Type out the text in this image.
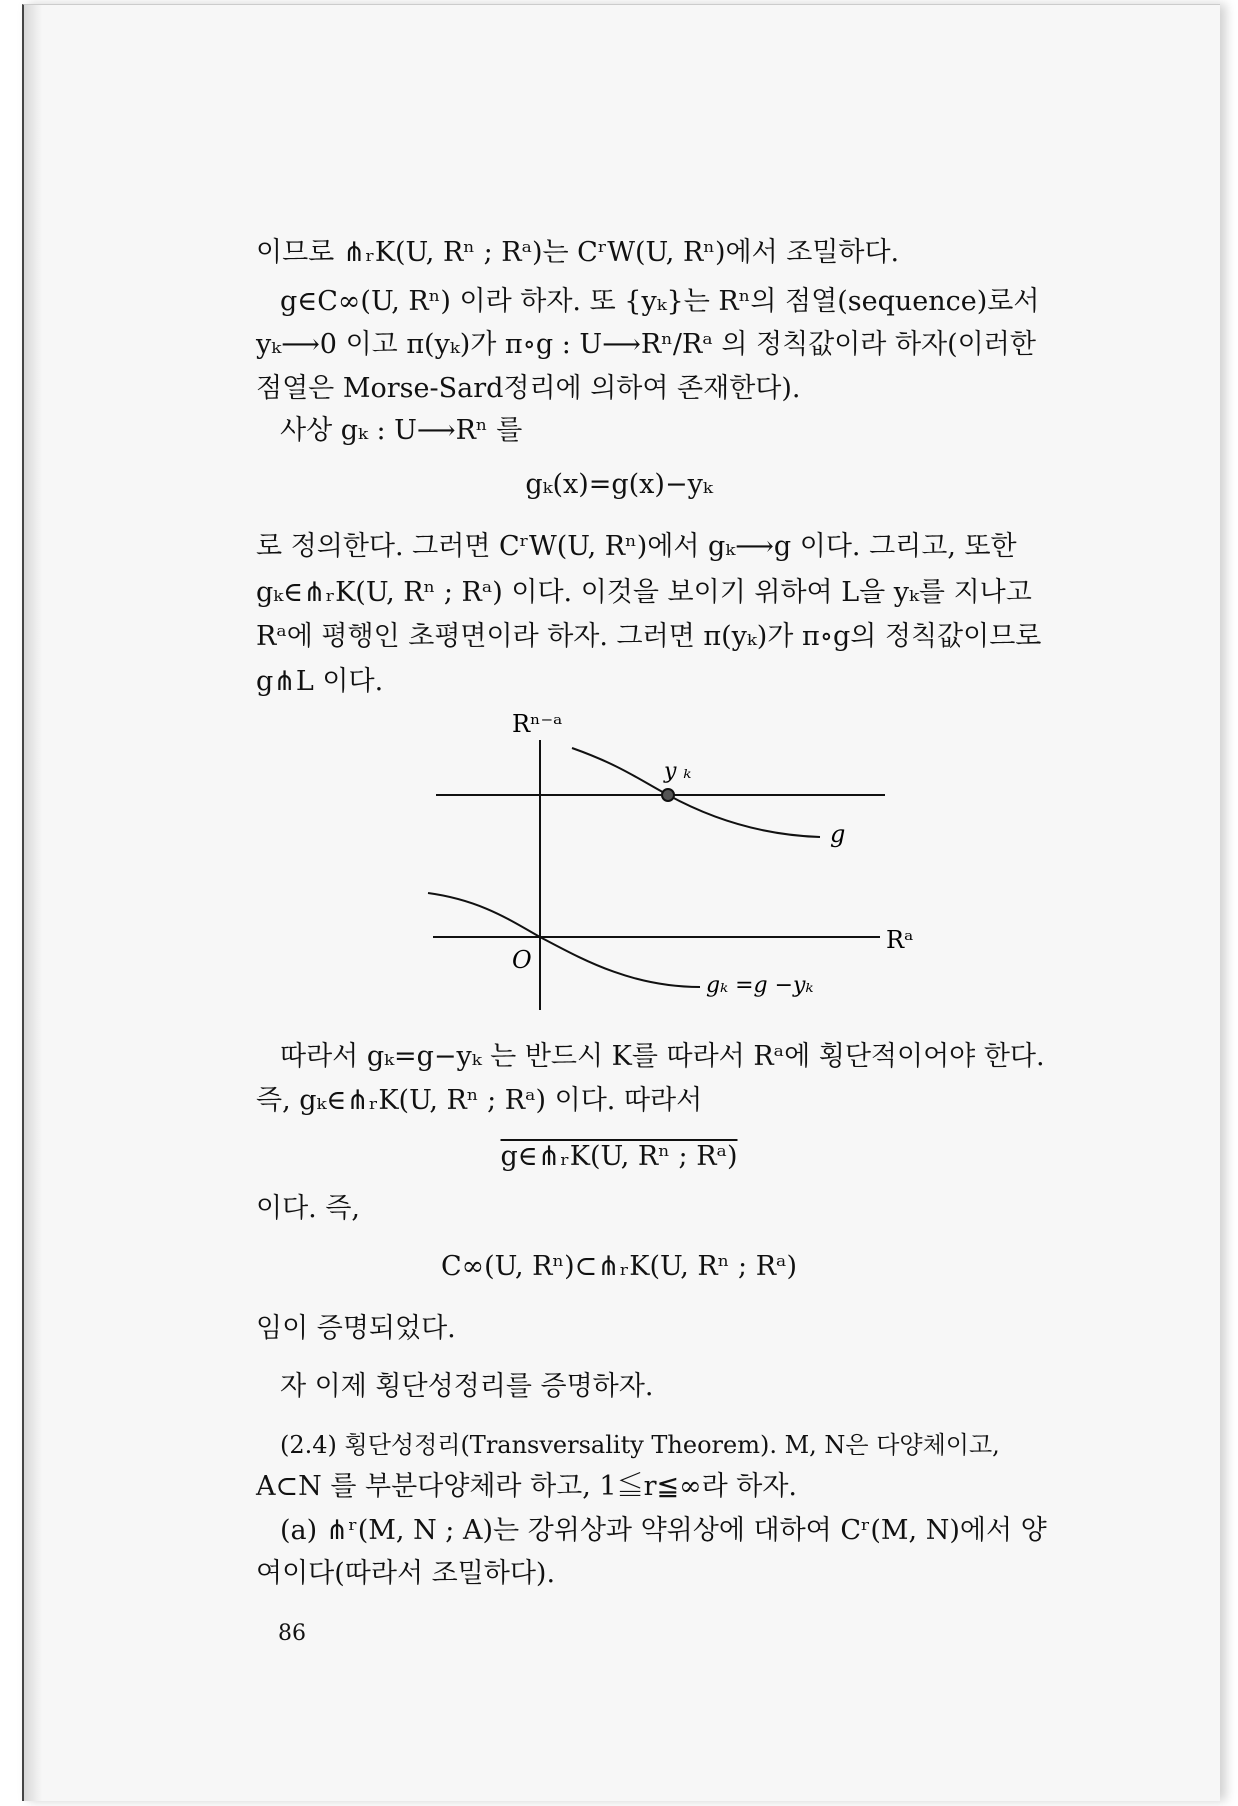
이므로 ⋔ᵣK(U, Rⁿ ; Rᵃ)는 CʳW(U, Rⁿ)에서 조밀하다.
g∈C∞(U, Rⁿ) 이라 하자. 또 {yₖ}는 Rⁿ의 점열(sequence)로서
yₖ⟶0 이고 π(yₖ)가 π∘g : U⟶Rⁿ/Rᵃ 의 정칙값이라 하자(이러한
점열은 Morse-Sard정리에 의하여 존재한다).
사상 gₖ : U⟶Rⁿ 를
gₖ(x)=g(x)−yₖ
로 정의한다. 그러면 CʳW(U, Rⁿ)에서 gₖ⟶g 이다. 그리고, 또한
gₖ∈⋔ᵣK(U, Rⁿ ; Rᵃ) 이다. 이것을 보이기 위하여 L을 yₖ를 지나고
Rᵃ에 평행인 초평면이라 하자. 그러면 π(yₖ)가 π∘g의 정칙값이므로
g⋔L 이다.
Rⁿ⁻ᵃ
y ₖ
g
Rᵃ
O
gₖ =g −yₖ
따라서 gₖ=g−yₖ 는 반드시 K를 따라서 Rᵃ에 횡단적이어야 한다.
즉, gₖ∈⋔ᵣK(U, Rⁿ ; Rᵃ) 이다. 따라서
g∈⋔ᵣK(U, Rⁿ ; Rᵃ)
이다. 즉,
C∞(U, Rⁿ)⊂⋔ᵣK(U, Rⁿ ; Rᵃ)
임이 증명되었다.
자 이제 횡단성정리를 증명하자.
(2.4) 횡단성정리(Transversality Theorem). M, N은 다양체이고,
A⊂N 를 부분다양체라 하고, 1≦r≦∞라 하자.
(a) ⋔ʳ(M, N ; A)는 강위상과 약위상에 대하여 Cʳ(M, N)에서 양
여이다(따라서 조밀하다).
86
